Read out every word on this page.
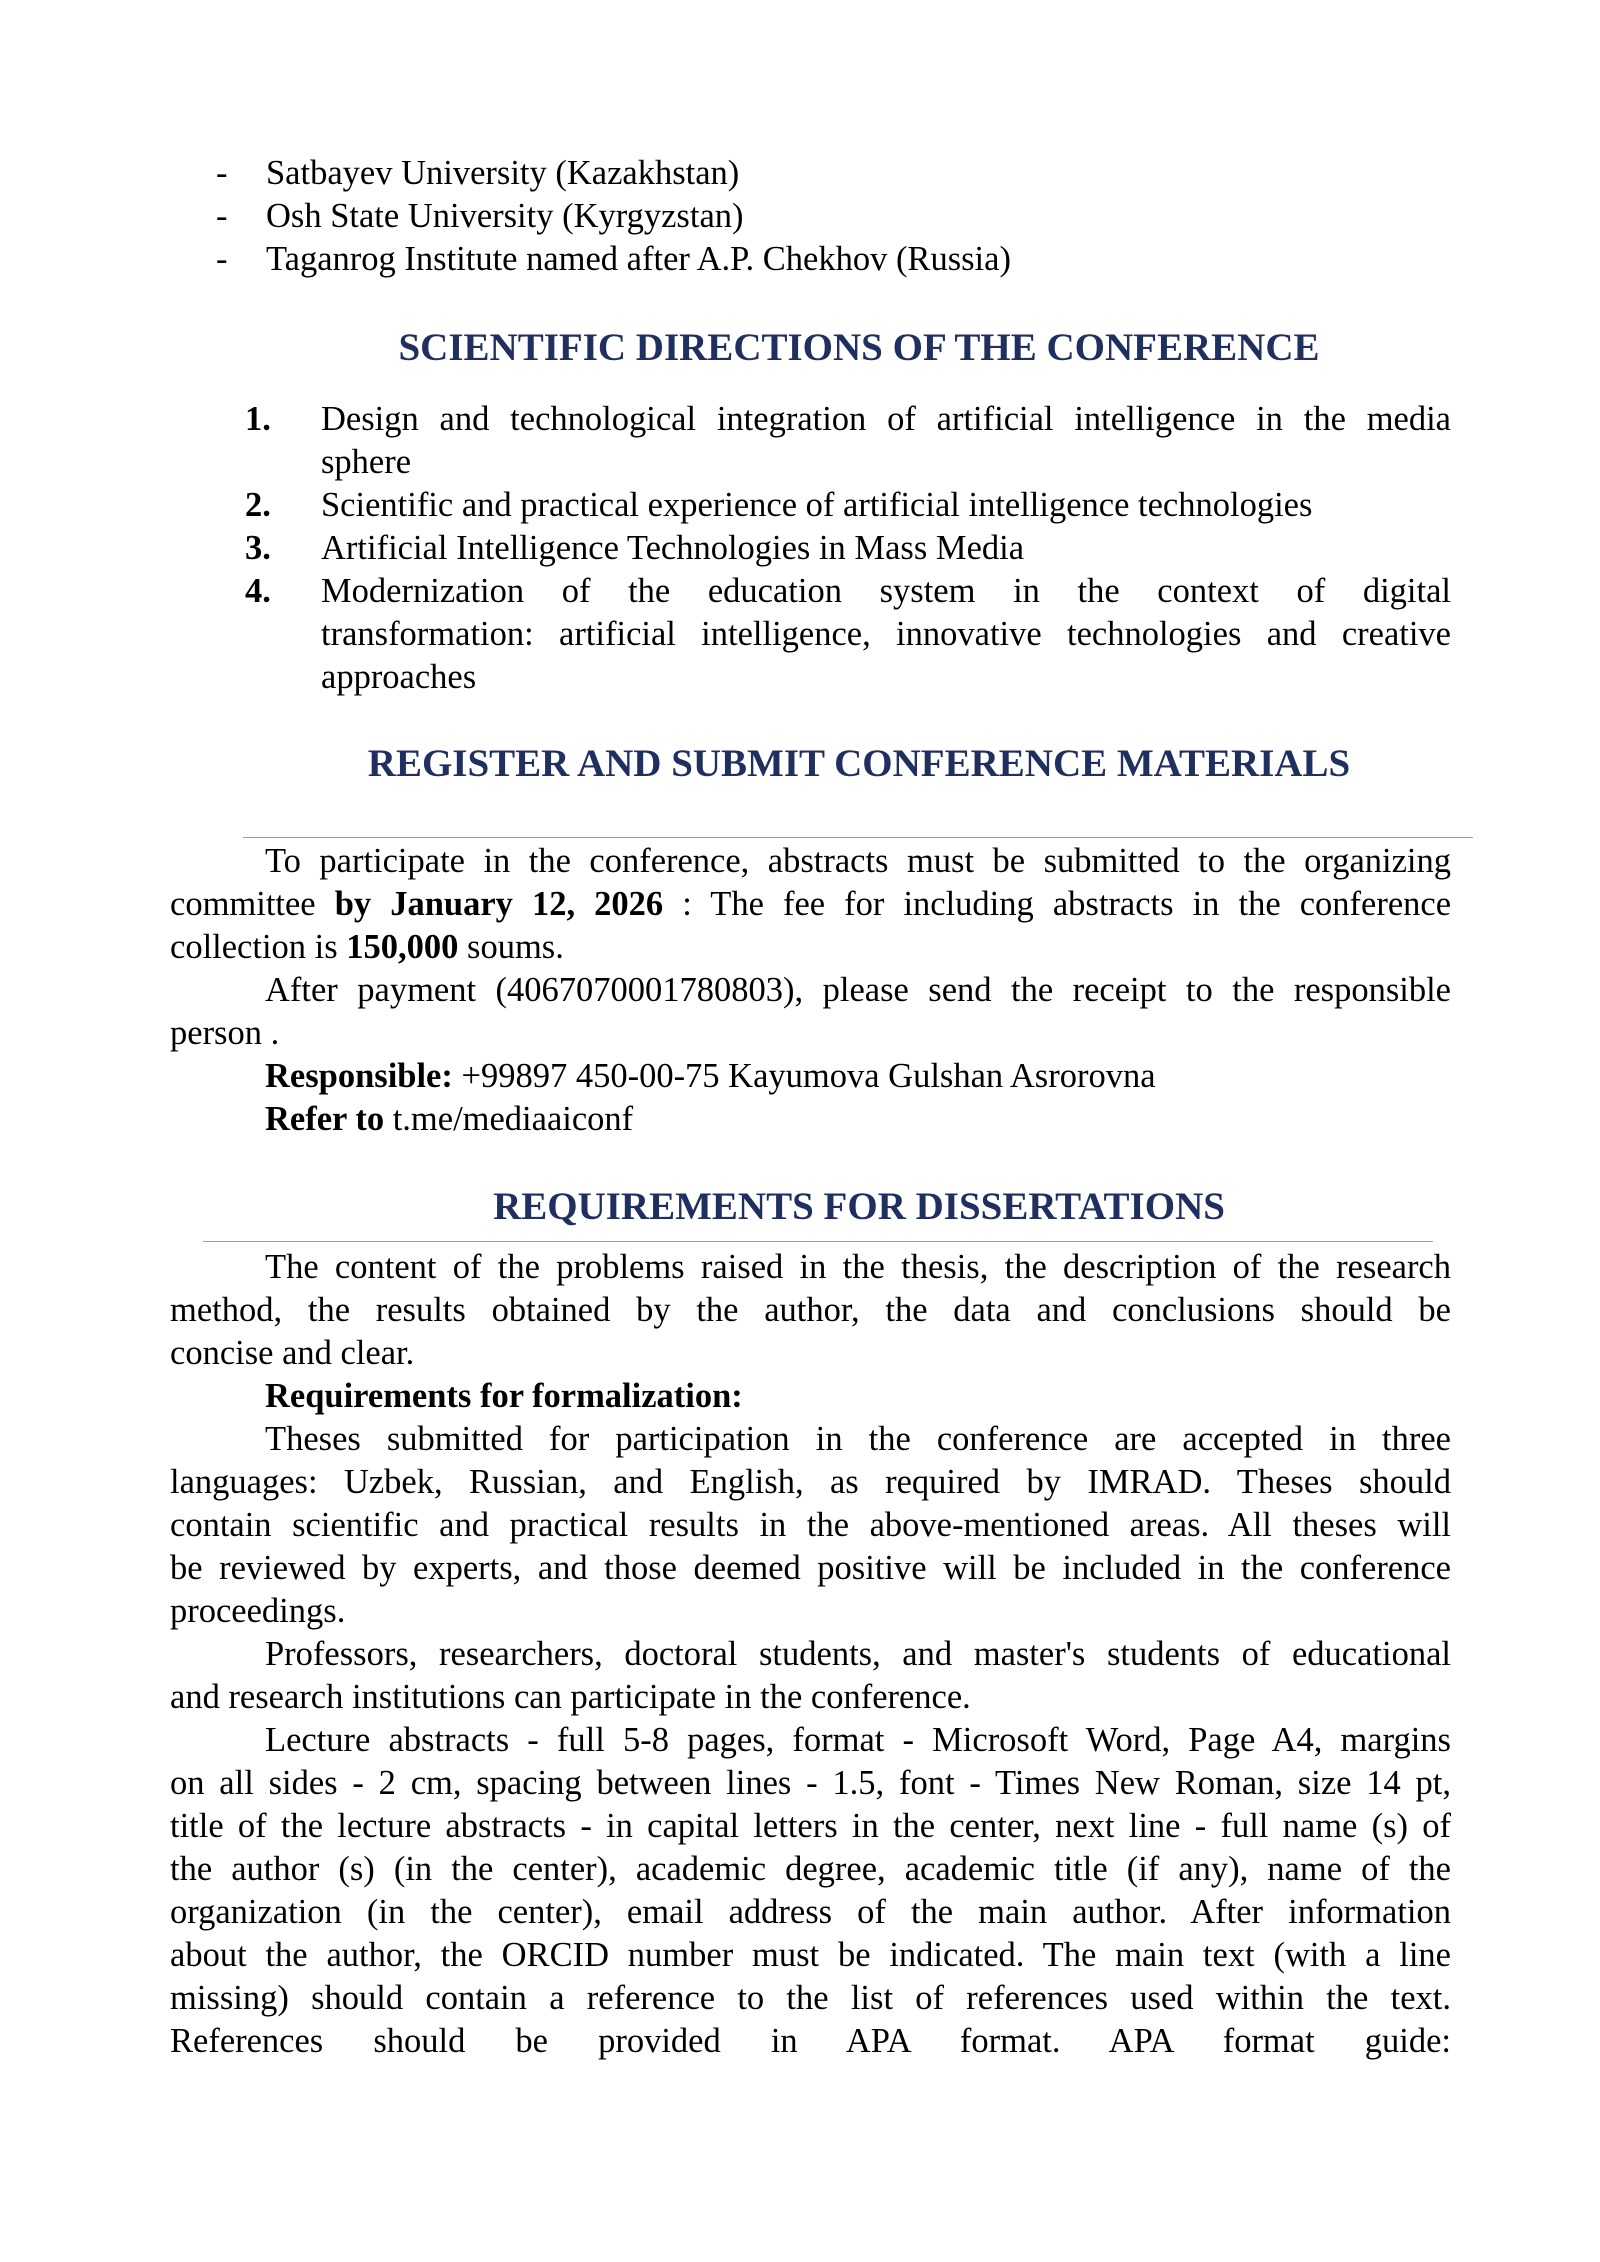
- Satbayev University (Kazakhstan)
- Osh State University (Kyrgyzstan)
- Taganrog Institute named after A.P. Chekhov (Russia)
SCIENTIFIC DIRECTIONS OF THE CONFERENCE
1. Design and technological integration of artificial intelligence in the media
sphere
2. Scientific and practical experience of artificial intelligence technologies
3. Artificial Intelligence Technologies in Mass Media
4. Modernization of the education system in the context of digital
transformation: artificial intelligence, innovative technologies and creative
approaches
REGISTER AND SUBMIT CONFERENCE MATERIALS
To participate in the conference, abstracts must be submitted to the organizing
committee by January 12, 2026 : The fee for including abstracts in the conference
collection is 150,000 soums.
After payment (4067070001780803), please send the receipt to the responsible
person .
Responsible: +99897 450-00-75 Kayumova Gulshan Asrorovna
Refer to t.me/mediaaiconf
REQUIREMENTS FOR DISSERTATIONS
The content of the problems raised in the thesis, the description of the research
method, the results obtained by the author, the data and conclusions should be
concise and clear.
Requirements for formalization:
Theses submitted for participation in the conference are accepted in three
languages: Uzbek, Russian, and English, as required by IMRAD. Theses should
contain scientific and practical results in the above-mentioned areas. All theses will
be reviewed by experts, and those deemed positive will be included in the conference
proceedings.
Professors, researchers, doctoral students, and master's students of educational
and research institutions can participate in the conference.
Lecture abstracts - full 5-8 pages, format - Microsoft Word, Page A4, margins
on all sides - 2 cm, spacing between lines - 1.5, font - Times New Roman, size 14 pt,
title of the lecture abstracts - in capital letters in the center, next line - full name (s) of
the author (s) (in the center), academic degree, academic title (if any), name of the
organization (in the center), email address of the main author. After information
about the author, the ORCID number must be indicated. The main text (with a line
missing) should contain a reference to the list of references used within the text.
References should be provided in APA format. APA format guide:
